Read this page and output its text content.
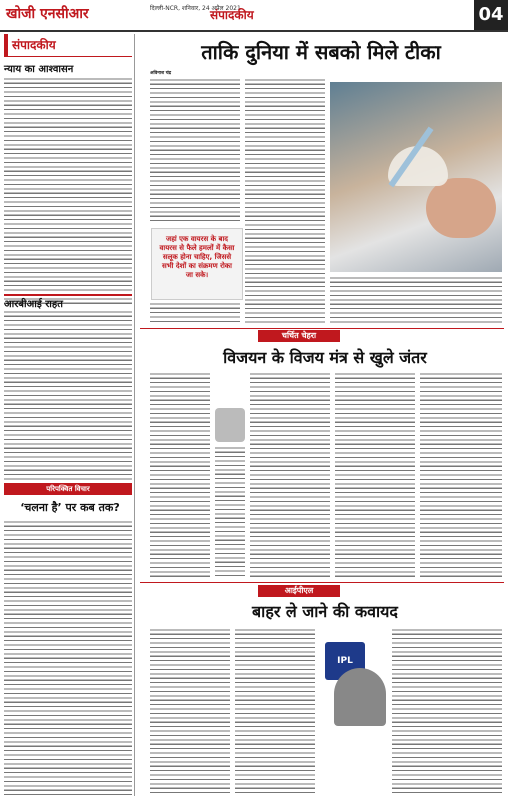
खोजी एनसीआर	दिल्ली-NCR, शनिवार, 24 अप्रैल 2021
संपादकीय	04
संपादकीय
न्याय का आश्वासन
आरबीआई राहत
परिपक्वित विचार
‘चलना है’ पर कब तक?
ताकि दुनिया में सबको मिले टीका
अविनाश चंद्र
जहां एक वायरस के बाद वायरस से फैले हमलों में कैसा सलूक होना चाहिए, जिससे सभी देशों का संक्रमण रोका जा सके।
चर्चित चेहरा
विजयन के विजय मंत्र से खुले जंतर
आईपीएल
बाहर ले जाने की कवायद
IPL
